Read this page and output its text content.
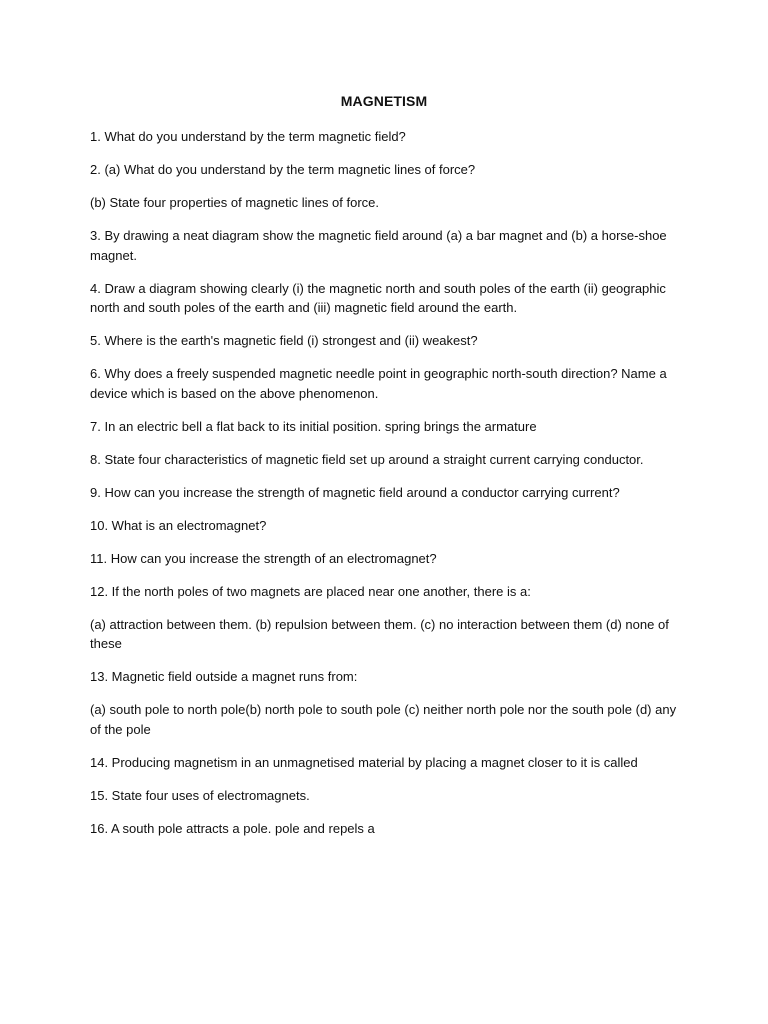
MAGNETISM

1. What do you understand by the term magnetic field?

2. (a) What do you understand by the term magnetic lines of force?

(b) State four properties of magnetic lines of force.

3. By drawing a neat diagram show the magnetic field around (a) a bar magnet and (b) a horse-shoe magnet.

4. Draw a diagram showing clearly (i) the magnetic north and south poles of the earth (ii) geographic north and south poles of the earth and (iii) magnetic field around the earth.

5. Where is the earth's magnetic field (i) strongest and (ii) weakest?

6. Why does a freely suspended magnetic needle point in geographic north-south direction? Name a device which is based on the above phenomenon.

7. In an electric bell a flat back to its initial position. spring brings the armature

8. State four characteristics of magnetic field set up around a straight current carrying conductor.

9. How can you increase the strength of magnetic field around a conductor carrying current?

10. What is an electromagnet?

11. How can you increase the strength of an electromagnet?

12. If the north poles of two magnets are placed near one another, there is a:

(a) attraction between them. (b) repulsion between them. (c) no interaction between them (d) none of these

13. Magnetic field outside a magnet runs from:

(a) south pole to north pole(b) north pole to south pole (c) neither north pole nor the south pole (d) any of the pole

14. Producing magnetism in an unmagnetised material by placing a magnet closer to it is called

15. State four uses of electromagnets.

16. A south pole attracts a pole. pole and repels a
